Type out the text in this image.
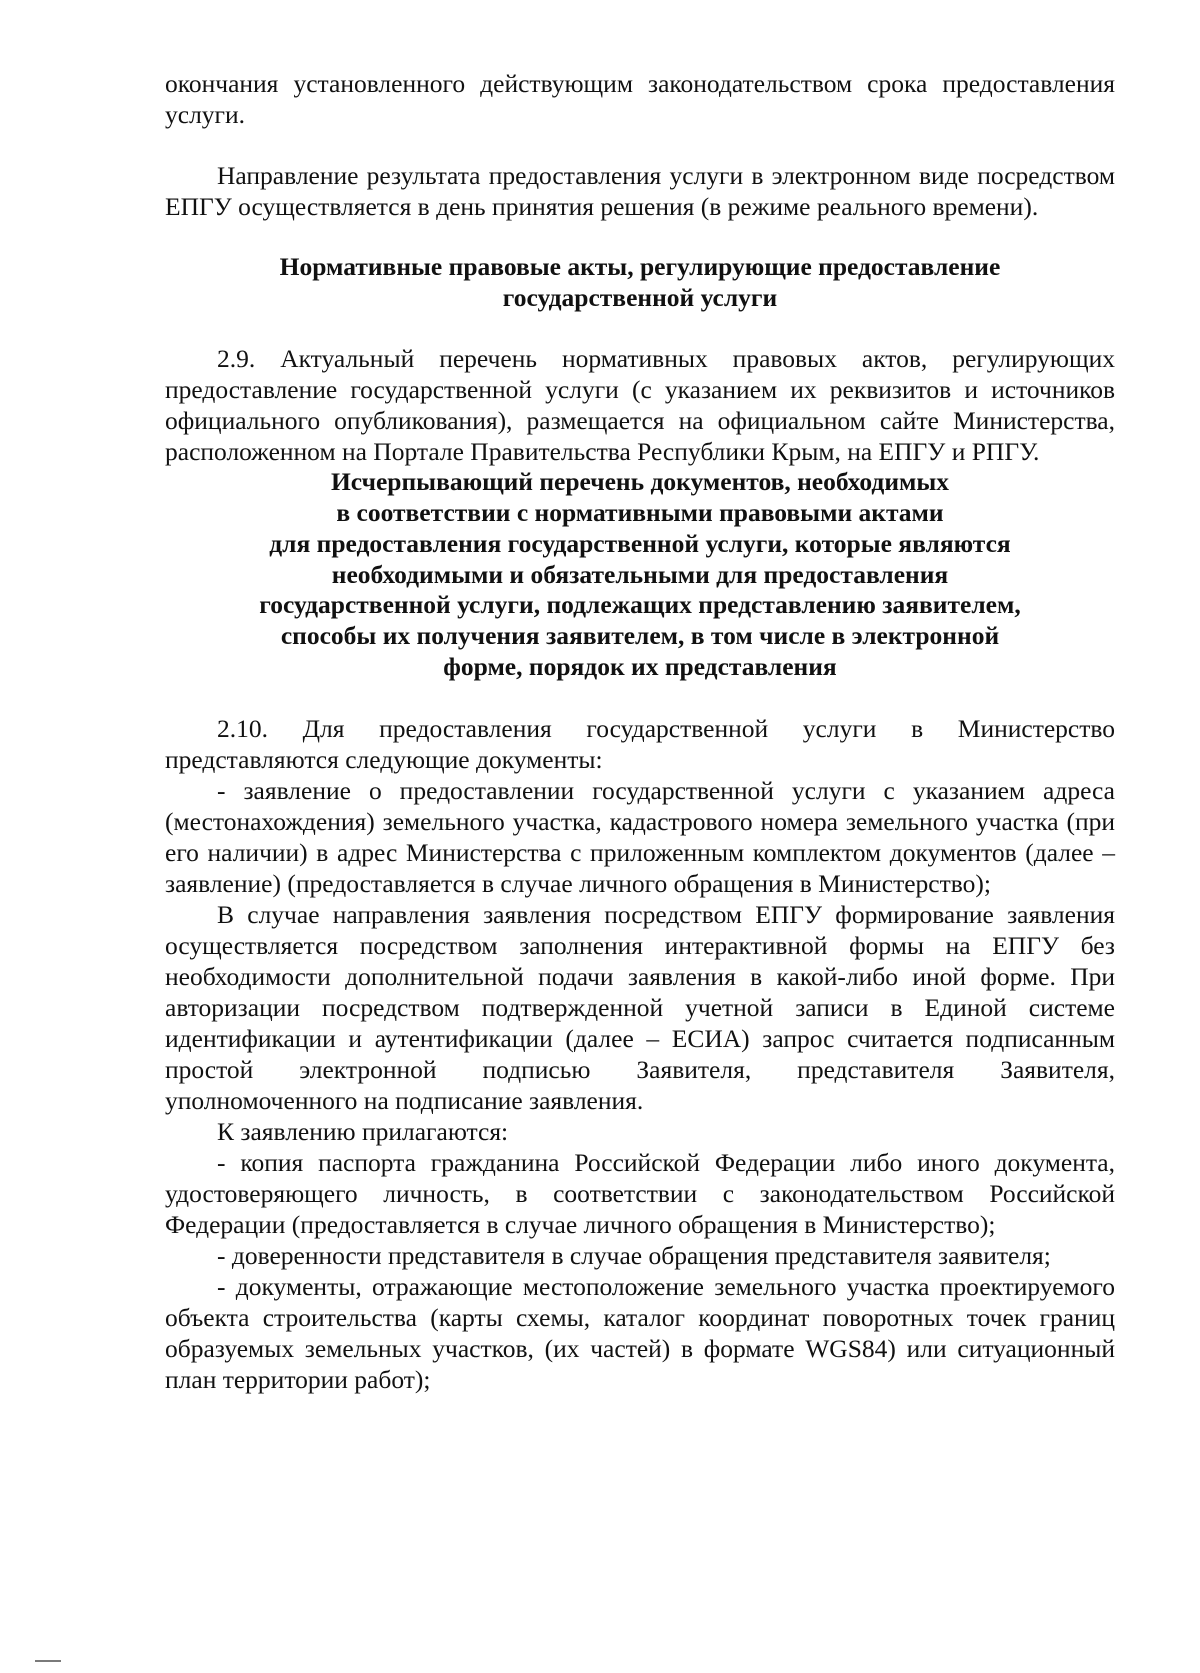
окончания установленного действующим законодательством срока предоставления услуги.

Направление результата предоставления услуги в электронном виде посредством ЕПГУ осуществляется в день принятия решения (в режиме реального времени).

Нормативные правовые акты, регулирующие предоставление
государственной услуги

2.9. Актуальный перечень нормативных правовых актов, регулирующих предоставление государственной услуги (с указанием их реквизитов и источников официального опубликования), размещается на официальном сайте Министерства, расположенном на Портале Правительства Республики Крым, на ЕПГУ и РПГУ.

Исчерпывающий перечень документов, необходимых
в соответствии с нормативными правовыми актами
для предоставления государственной услуги, которые являются
необходимыми и обязательными для предоставления
государственной услуги, подлежащих представлению заявителем,
способы их получения заявителем, в том числе в электронной
форме, порядок их представления

2.10. Для предоставления государственной услуги в Министерство представляются следующие документы:

- заявление о предоставлении государственной услуги с указанием адреса (местонахождения) земельного участка, кадастрового номера земельного участка (при его наличии) в адрес Министерства с приложенным комплектом документов (далее – заявление) (предоставляется в случае личного обращения в Министерство);

В случае направления заявления посредством ЕПГУ формирование заявления осуществляется посредством заполнения интерактивной формы на ЕПГУ без необходимости дополнительной подачи заявления в какой-либо иной форме. При авторизации посредством подтвержденной учетной записи в Единой системе идентификации и аутентификации (далее – ЕСИА) запрос считается подписанным простой электронной подписью Заявителя, представителя Заявителя, уполномоченного на подписание заявления.

К заявлению прилагаются:

- копия паспорта гражданина Российской Федерации либо иного документа, удостоверяющего личность, в соответствии с законодательством Российской Федерации (предоставляется в случае личного обращения в Министерство);

- доверенности представителя в случае обращения представителя заявителя;

- документы, отражающие местоположение земельного участка проектируемого объекта строительства (карты схемы, каталог координат поворотных точек границ образуемых земельных участков, (их частей) в формате WGS84) или ситуационный план территории работ);
